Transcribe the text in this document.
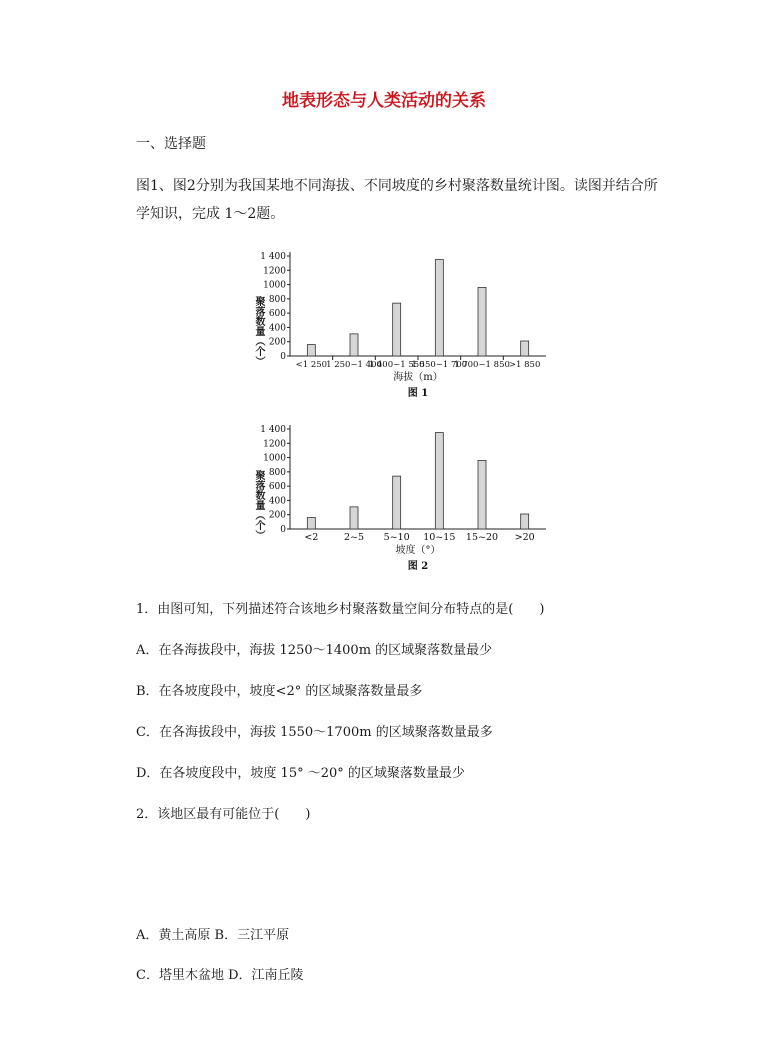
地表形态与人类活动的关系
一、选择题
图1、图2分别为我国某地不同海拔、不同坡度的乡村聚落数量统计图。读图并结合所
学知识，完成 1～2题。
聚落数量（个） 0
200
400
600
800
1000
1200
1 400
<1 250 1 250~1 400
1 400~1 550
1 550~1 700
1 700~1 850 >1 850
海拔（m）
图 1
聚落数量（个） 0
200
400
600
800
1000
1200
1 400
<2	2~5 5~10 10~15 15~20 >20
坡度（°）
图 2
1．由图可知，下列描述符合该地乡村聚落数量空间分布特点的是(　　)
A．在各海拔段中，海拔 1250～1400m 的区域聚落数量最少
B．在各坡度段中，坡度<2° 的区域聚落数量最多
C．在各海拔段中，海拔 1550～1700m 的区域聚落数量最多
D．在各坡度段中，坡度 15° ～20° 的区域聚落数量最少
2．该地区最有可能位于(　　)
A．黄土高原 B．三江平原
C．塔里木盆地 D．江南丘陵
